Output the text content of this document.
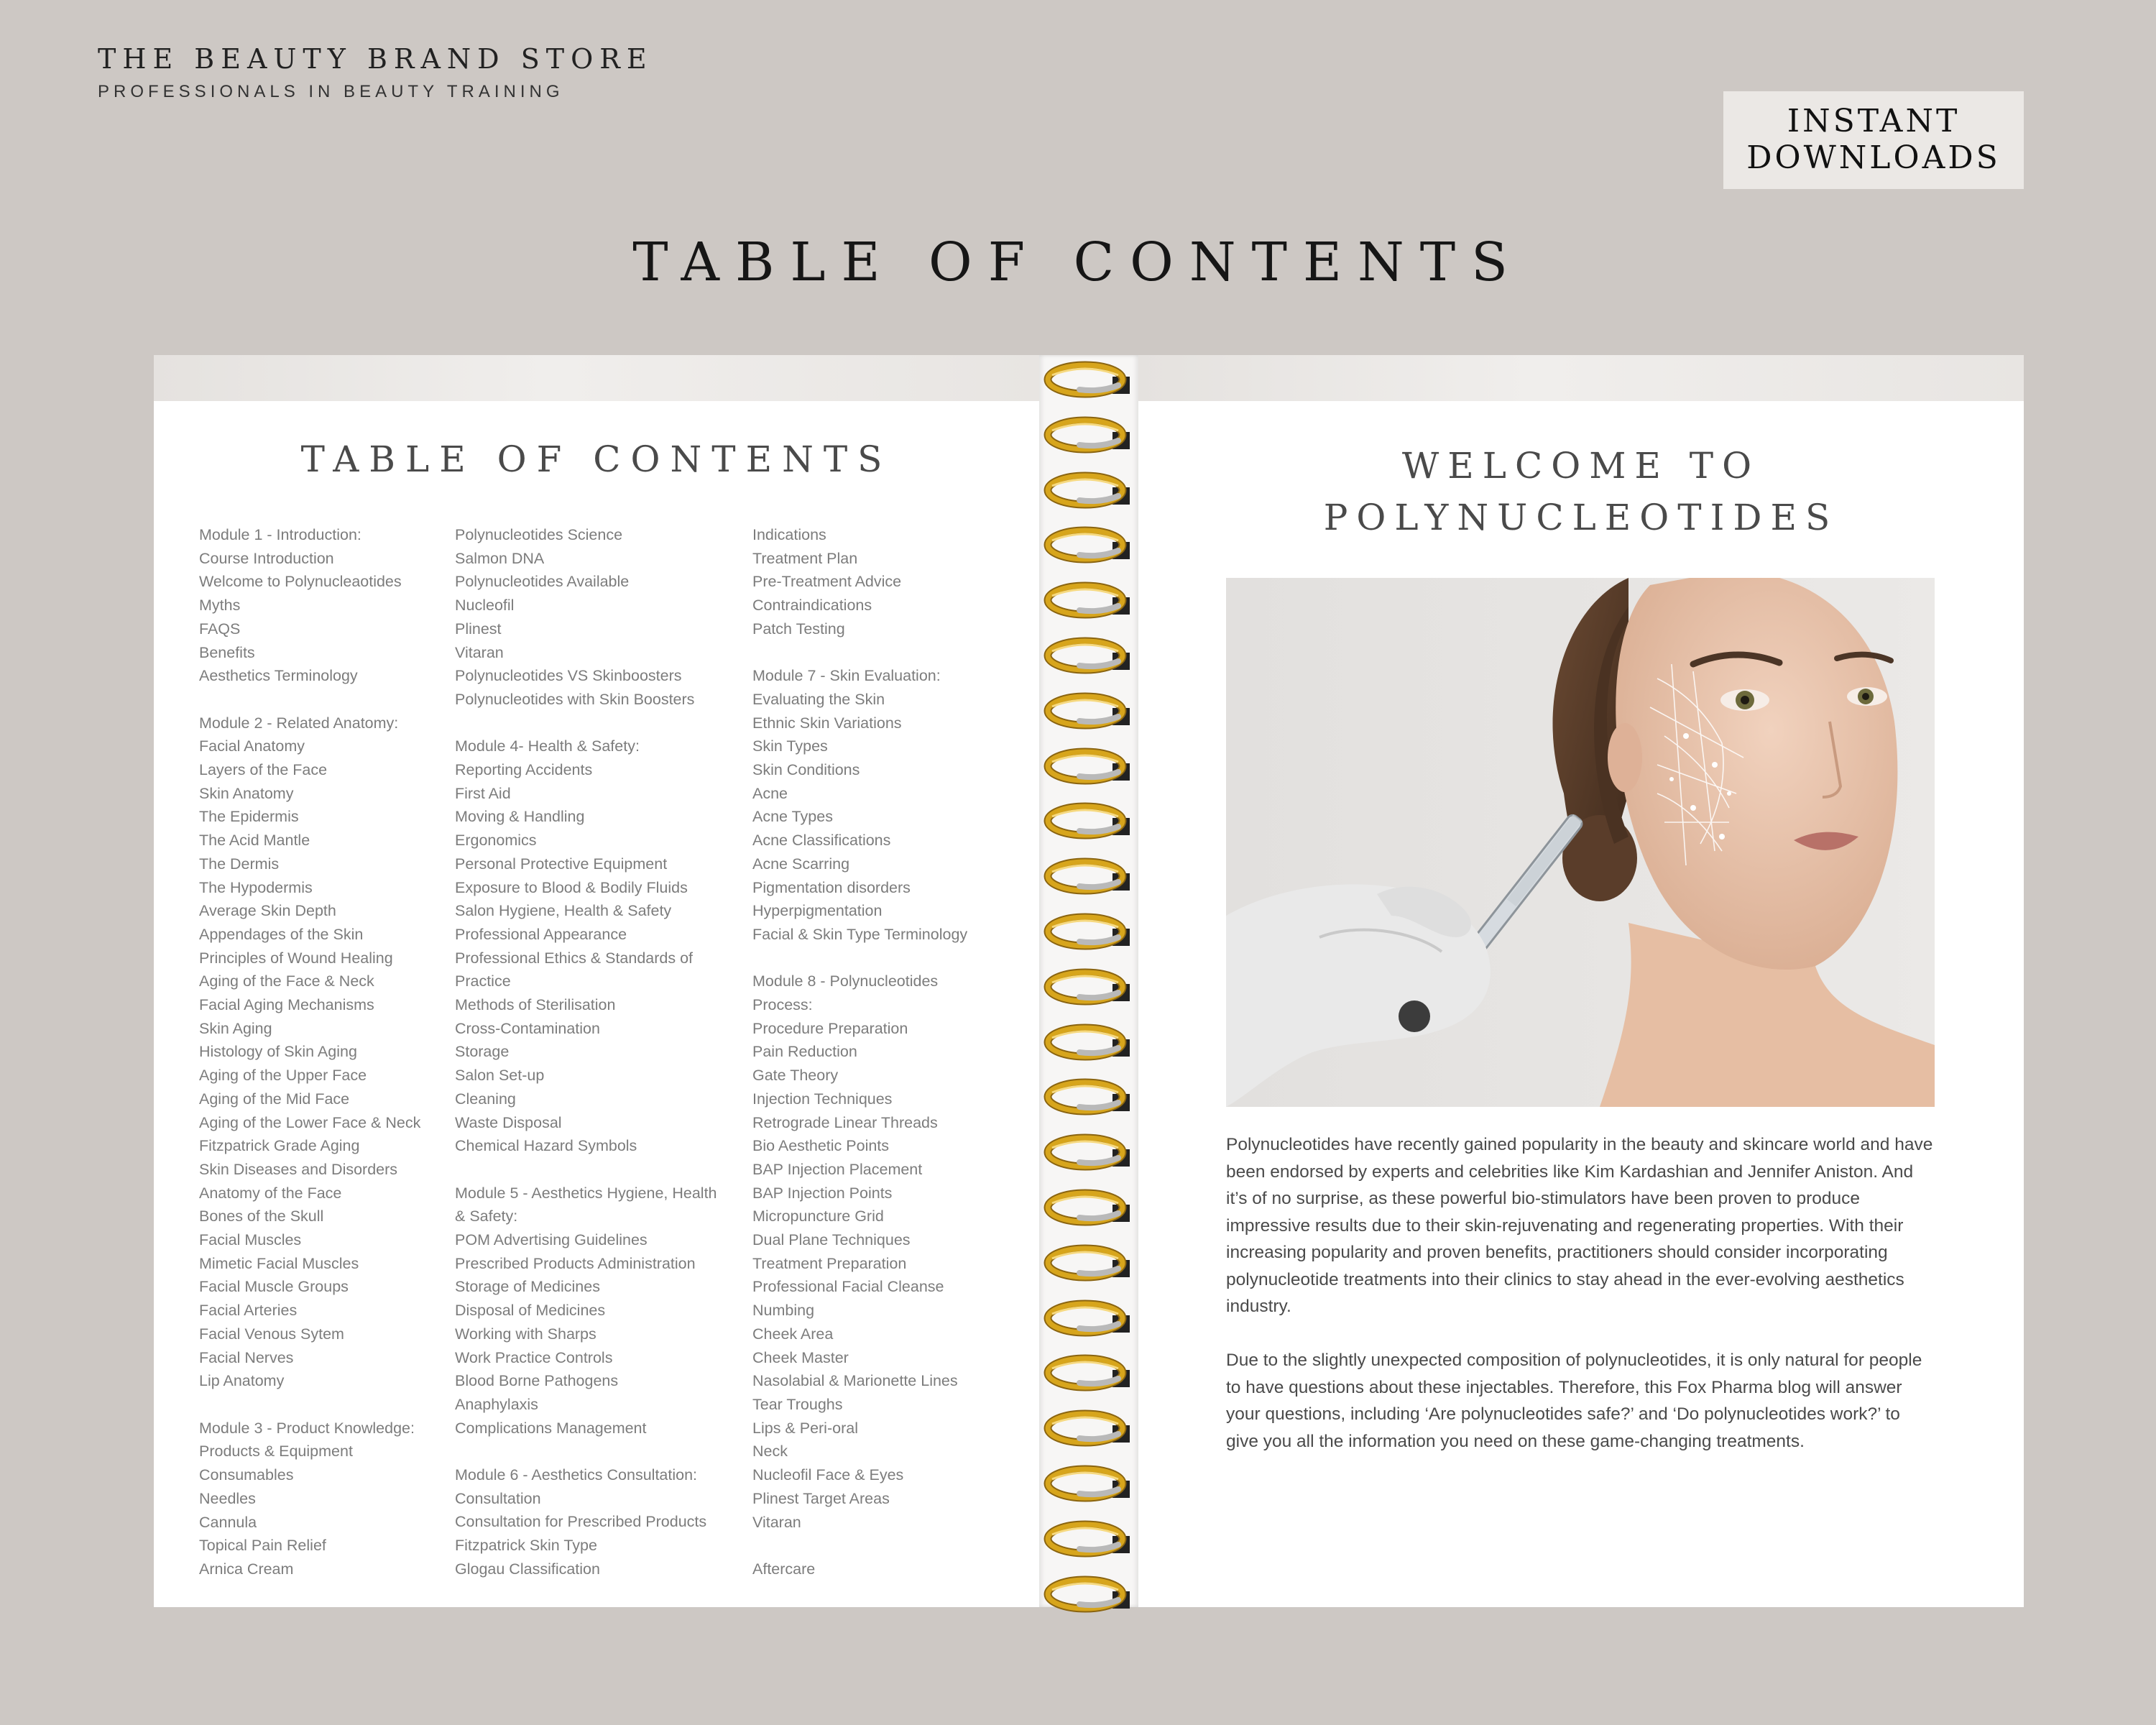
THE BEAUTY BRAND STORE
PROFESSIONALS IN BEAUTY TRAINING
INSTANT
DOWNLOADS
TABLE OF CONTENTS
TABLE OF CONTENTS
Module 1 - Introduction:
Course Introduction
Welcome to Polynucleaotides
Myths
FAQS
Benefits
Aesthetics Terminology
Module 2 - Related Anatomy:
Facial Anatomy
Layers of the Face
Skin Anatomy
The Epidermis
The Acid Mantle
The Dermis
The Hypodermis
Average Skin Depth
Appendages of the Skin
Principles of Wound Healing
Aging of the Face & Neck
Facial Aging Mechanisms
Skin Aging
Histology of Skin Aging
Aging of the Upper Face
Aging of the Mid Face
Aging of the Lower Face & Neck
Fitzpatrick Grade Aging
Skin Diseases and Disorders
Anatomy of the Face
Bones of the Skull
Facial Muscles
Mimetic Facial Muscles
Facial Muscle Groups
Facial Arteries
Facial Venous Sytem
Facial Nerves
Lip Anatomy
Module 3 - Product Knowledge:
Products & Equipment
Consumables
Needles
Cannula
Topical Pain Relief
Arnica Cream
Polynucleotides Science
Salmon DNA
Polynucleotides Available
Nucleofil
Plinest
Vitaran
Polynucleotides VS Skinboosters
Polynucleotides with Skin Boosters
Module 4- Health & Safety:
Reporting Accidents
First Aid
Moving & Handling
Ergonomics
Personal Protective Equipment
Exposure to Blood & Bodily Fluids
Salon Hygiene, Health & Safety
Professional Appearance
Professional Ethics & Standards of
Practice
Methods of Sterilisation
Cross-Contamination
Storage
Salon Set-up
Cleaning
Waste Disposal
Chemical Hazard Symbols
Module 5 - Aesthetics Hygiene, Health
& Safety:
POM Advertising Guidelines
Prescribed Products Administration
Storage of Medicines
Disposal of Medicines
Working with Sharps
Work Practice Controls
Blood Borne Pathogens
Anaphylaxis
Complications Management
Module 6 - Aesthetics Consultation:
Consultation
Consultation for Prescribed Products
Fitzpatrick Skin Type
Glogau Classification
Indications
Treatment Plan
Pre-Treatment Advice
Contraindications
Patch Testing
Module 7 - Skin Evaluation:
Evaluating the Skin
Ethnic Skin Variations
Skin Types
Skin Conditions
Acne
Acne Types
Acne Classifications
Acne Scarring
Pigmentation disorders
Hyperpigmentation
Facial & Skin Type Terminology
Module 8 - Polynucleotides
Process:
Procedure Preparation
Pain Reduction
Gate Theory
Injection Techniques
Retrograde Linear Threads
Bio Aesthetic Points
BAP Injection Placement
BAP Injection Points
Micropuncture Grid
Dual Plane Techniques
Treatment Preparation
Professional Facial Cleanse
Numbing
Cheek Area
Cheek Master
Nasolabial & Marionette Lines
Tear Troughs
Lips & Peri-oral
Neck
Nucleofil Face & Eyes
Plinest Target Areas
Vitaran
Aftercare
WELCOME TO
POLYNUCLEOTIDES

Polynucleotides have recently gained popularity in the beauty and skincare world and have been endorsed by experts and celebrities like Kim Kardashian and Jennifer Aniston. And it’s of no surprise, as these powerful bio-stimulators have been proven to produce impressive results due to their skin-rejuvenating and regenerating properties. With their increasing popularity and proven benefits, practitioners should consider incorporating polynucleotide treatments into their clinics to stay ahead in the ever-evolving aesthetics industry.

Due to the slightly unexpected composition of polynucleotides, it is only natural for people to have questions about these injectables. Therefore, this Fox Pharma blog will answer your questions, including ‘Are polynucleotides safe?’ and ‘Do polynucleotides work?’ to give you all the information you need on these game-changing treatments.
